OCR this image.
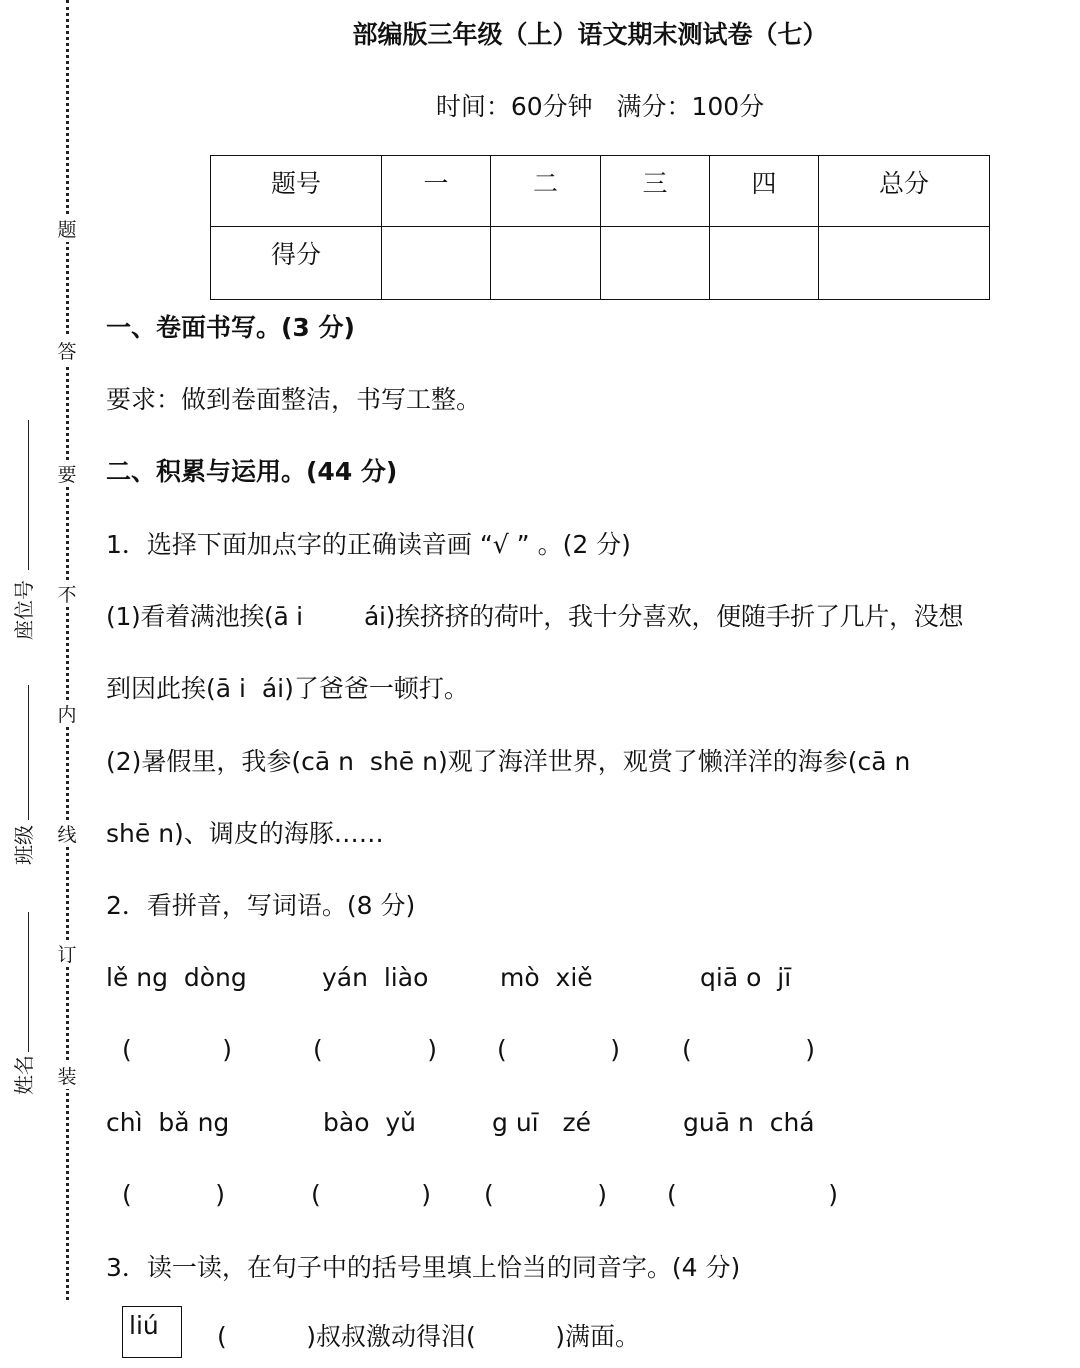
题
答
要
不
内
线
订
装
姓名
班级
座位号
部编版三年级（上）语文期末测试卷（七）
时间：60分钟   满分：100分
题号	一	二	三	四	总分
得分					
一、卷面书写。(3 分)
要求：做到卷面整洁，书写工整。
二、积累与运用。(44 分)
1．选择下面加点字的正确读音画 “√ ” 。(2 分)
(1)看着满池挨(ā i        ái)挨挤挤的荷叶，我十分喜欢，便随手折了几片，没想
到因此挨(ā i  ái)了爸爸一顿打。
(2)暑假里，我参(cā n  shē n)观了海洋世界，观赏了懒洋洋的海参(cā n
shē n)、调皮的海豚……
2．看拼音，写词语。(8 分)
lě ng  dòng	yán  liào	mò  xiě	qiā o  jī
(	)	(	) (	) (	)
chì  bǎ ng	bào  yǔ	g uī   zé	guā n  chá
(	)	(	) (	) (	)
3．读一读，在句子中的括号里填上恰当的同音字。(4 分)
liú	(          )叔叔激动得泪(          )满面。
